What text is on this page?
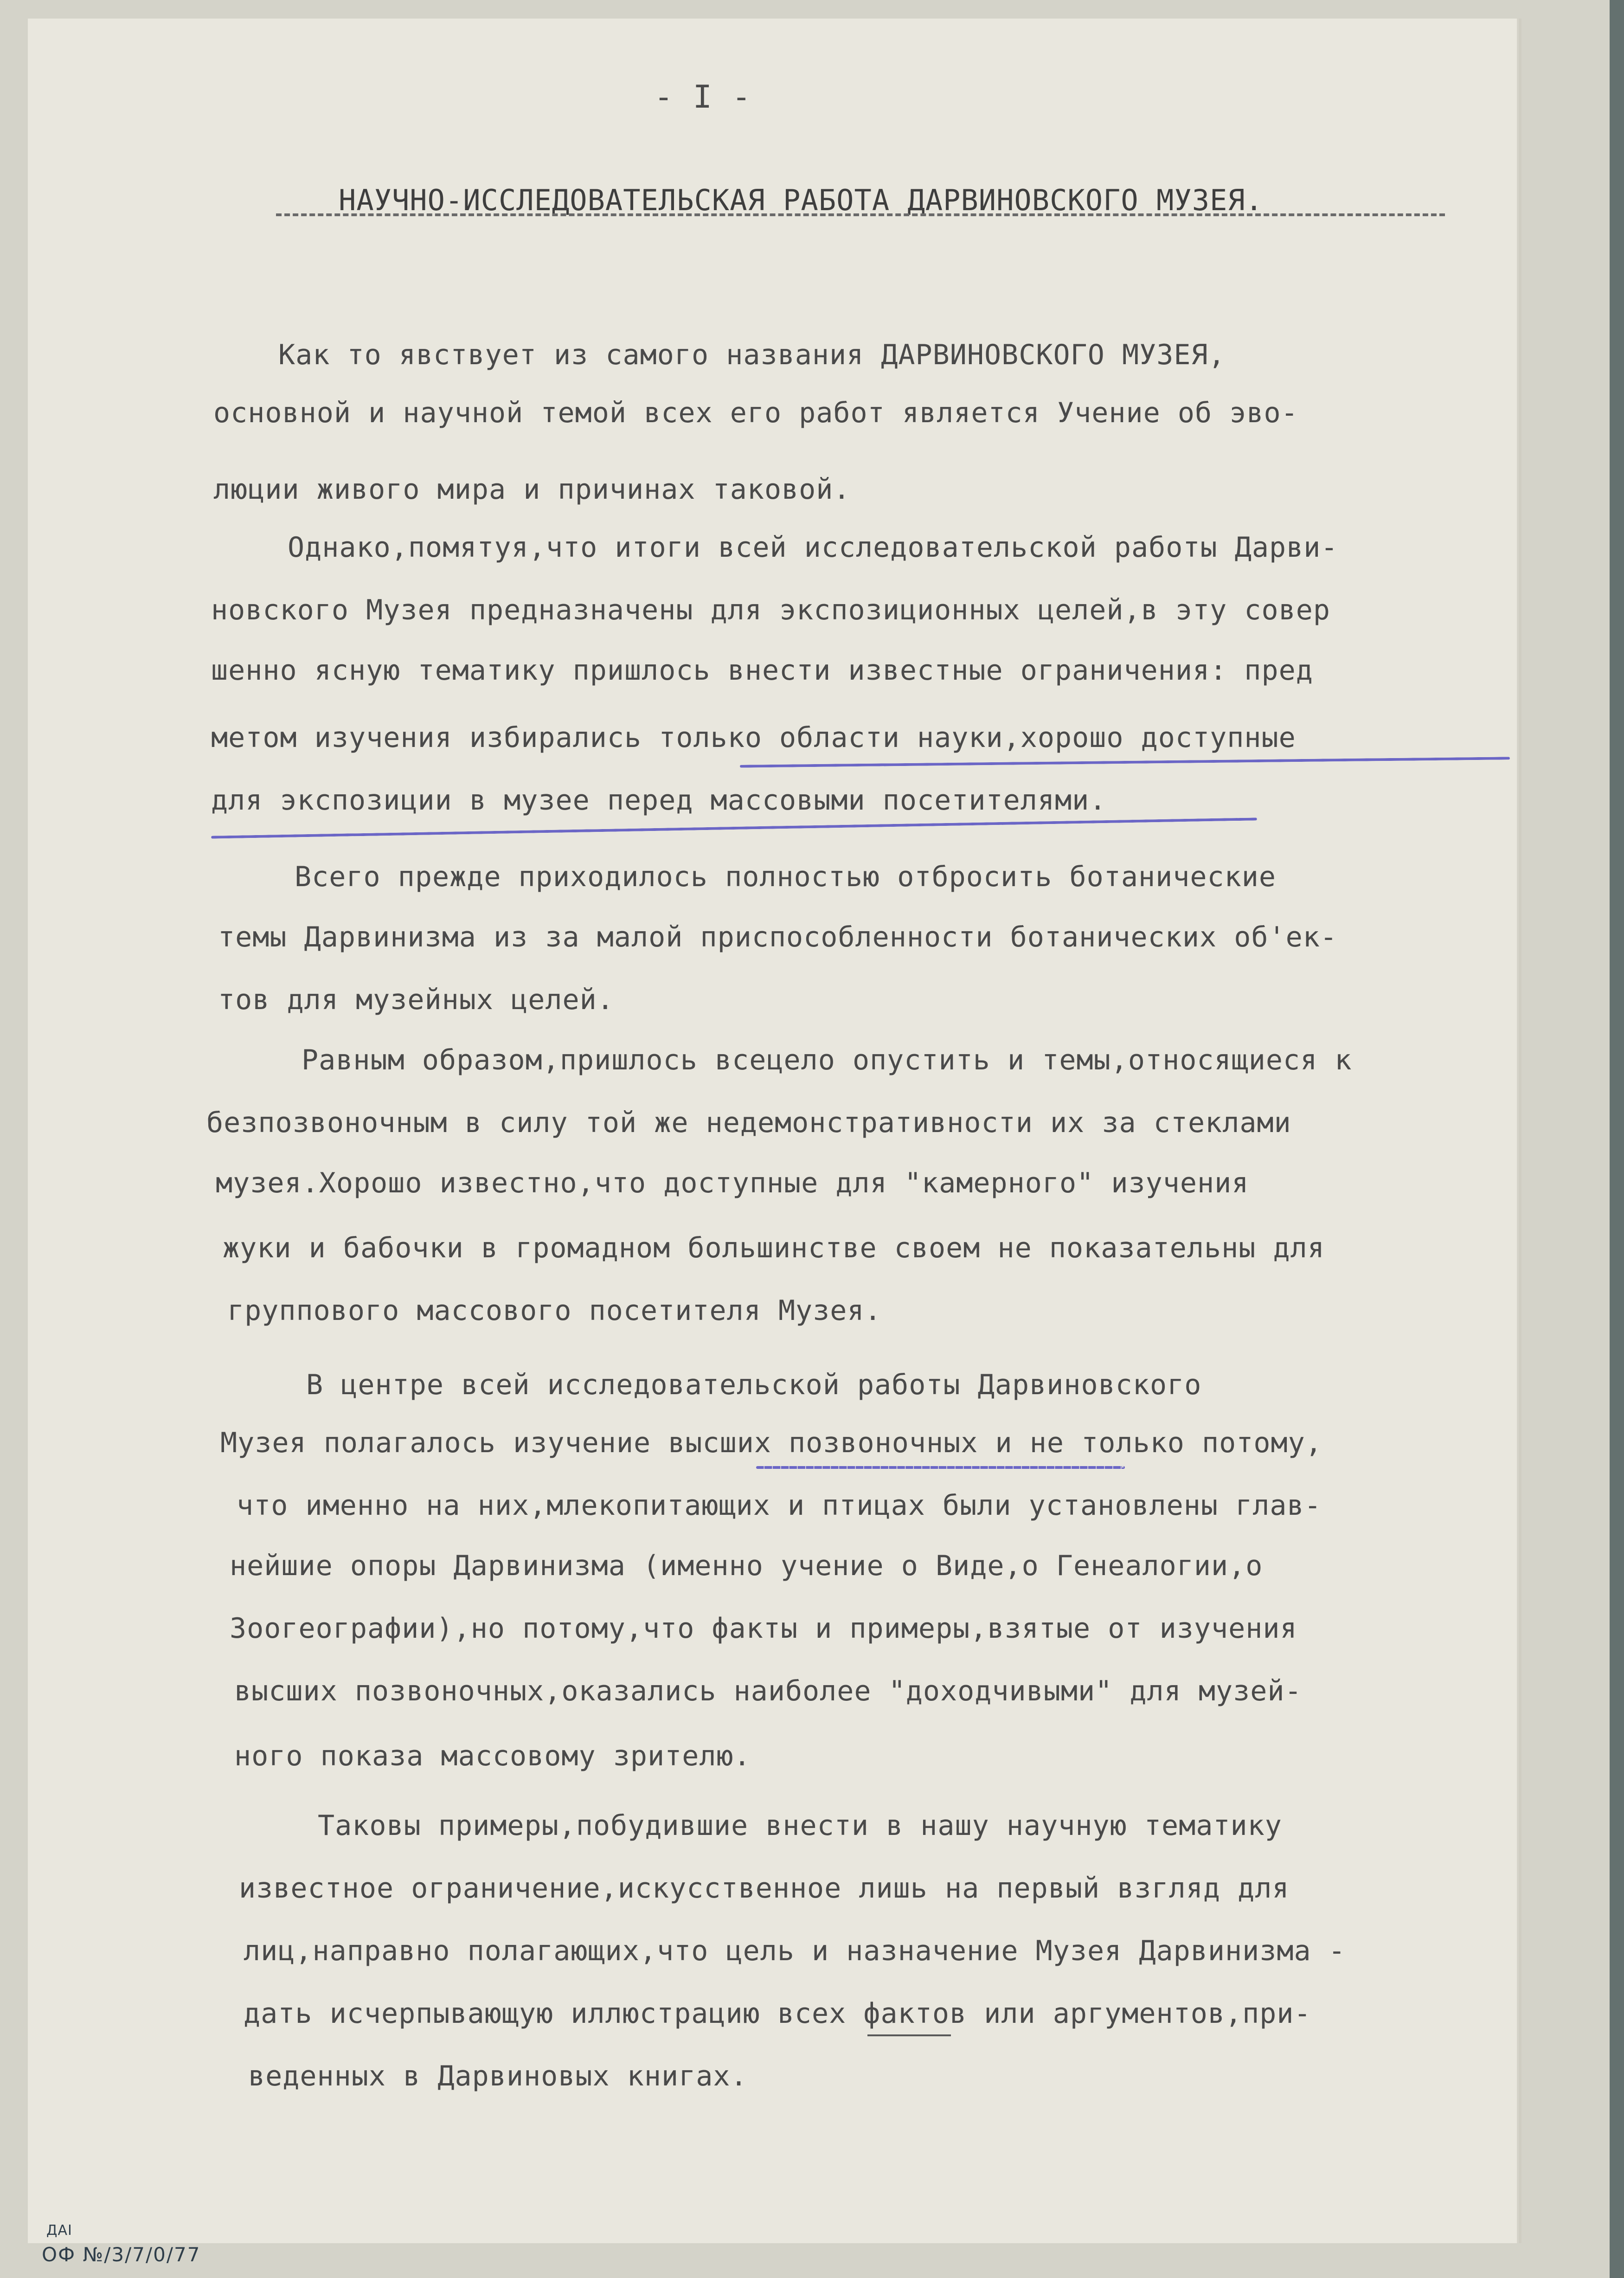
- I -
НАУЧНО-ИССЛЕДОВАТЕЛЬСКАЯ РАБОТА ДАРВИНОВСКОГО МУЗЕЯ.
Как то явствует из самого названия ДАРВИНОВСКОГО МУЗЕЯ,
основной и научной темой всех его работ является Учение об эво-
люции живого мира и причинах таковой.
Однако,помятуя,что итоги всей исследовательской работы Дарви-
новского Музея предназначены для экспозиционных целей,в эту совер
шенно ясную тематику пришлось внести известные ограничения: пред
метом изучения избирались только области науки,хорошо доступные
для экспозиции в музее перед массовыми посетителями.
Всего прежде приходилось полностью отбросить ботанические
темы Дарвинизма из за малой приспособленности ботанических об'ек-
тов для музейных целей.
Равным образом,пришлось всецело опустить и темы,относящиеся к
безпозвоночным в силу той же недемонстративности их за стеклами
музея.Хорошо известно,что доступные для "камерного" изучения
жуки и бабочки в громадном большинстве своем не показательны для
группового массового посетителя Музея.
В центре всей исследовательской работы Дарвиновского
Музея полагалось изучение высших позвоночных и не только потому,
что именно на них,млекопитающих и птицах были установлены глав-
нейшие опоры Дарвинизма (именно учение о Виде,о Генеалогии,о
Зоогеографии),но потому,что факты и примеры,взятые от изучения
высших позвоночных,оказались наиболее "доходчивыми" для музей-
ного показа массовому зрителю.
Таковы примеры,побудившие внести в нашу научную тематику
известное ограничение,искусственное лишь на первый взгляд для
лиц,направно полагающих,что цель и назначение Музея Дарвинизма -
дать исчерпывающую иллюстрацию всех фактов или аргументов,при-
веденных в Дарвиновых книгах.
ДАІ
ОФ №/3/7/0/77
